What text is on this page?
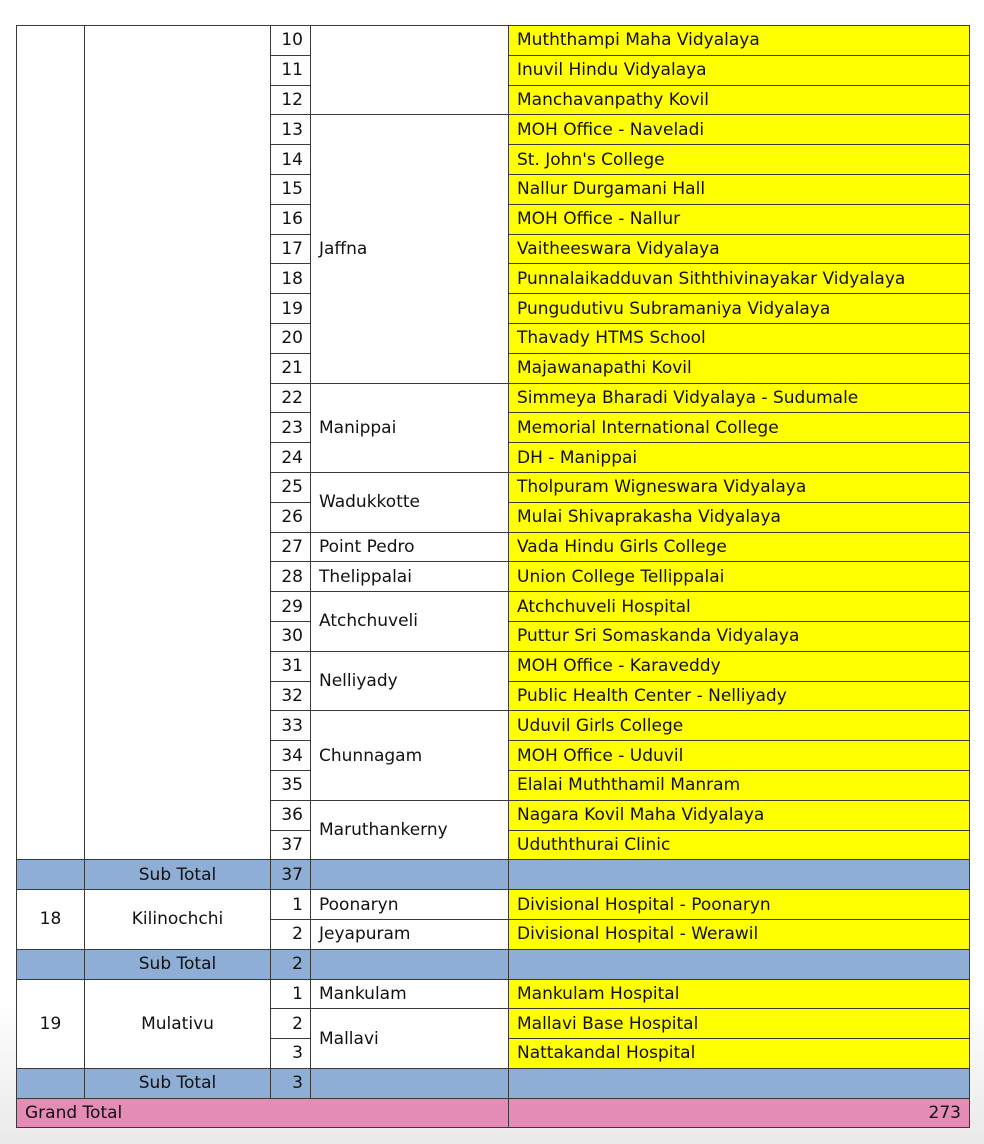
		10		Muththampi Maha Vidyalaya
		11		Inuvil Hindu Vidyalaya
		12		Manchavanpathy Kovil
		13	Jaffna	MOH Office - Naveladi
		14		St. John's College
		15		Nallur Durgamani Hall
		16		MOH Office - Nallur
		17		Vaitheeswara Vidyalaya
		18		Punnalaikadduvan Siththivinayakar Vidyalaya
		19		Pungudutivu Subramaniya Vidyalaya
		20		Thavady HTMS School
		21		Majawanapathi Kovil
		22	Manippai	Simmeya Bharadi Vidyalaya - Sudumale
		23		Memorial International College
		24		DH - Manippai
		25	Wadukkotte	Tholpuram Wigneswara Vidyalaya
		26		Mulai Shivaprakasha Vidyalaya
		27	Point Pedro	Vada Hindu Girls College
		28	Thelippalai	Union College Tellippalai
		29	Atchchuveli	Atchchuveli Hospital
		30		Puttur Sri Somaskanda Vidyalaya
		31	Nelliyady	MOH Office - Karaveddy
		32		Public Health Center - Nelliyady
		33	Chunnagam	Uduvil Girls College
		34		MOH Office - Uduvil
		35		Elalai Muththamil Manram
		36	Maruthankerny	Nagara Kovil Maha Vidyalaya
		37		Uduththurai Clinic
	Sub Total	37		
18	Kilinochchi	1	Poonaryn	Divisional Hospital - Poonaryn
		2	Jeyapuram	Divisional Hospital - Werawil
	Sub Total	2		
19	Mulativu	1	Mankulam	Mankulam Hospital
		2	Mallavi	Mallavi Base Hospital
		3		Nattakandal Hospital
	Sub Total	3		
Grand Total				273
